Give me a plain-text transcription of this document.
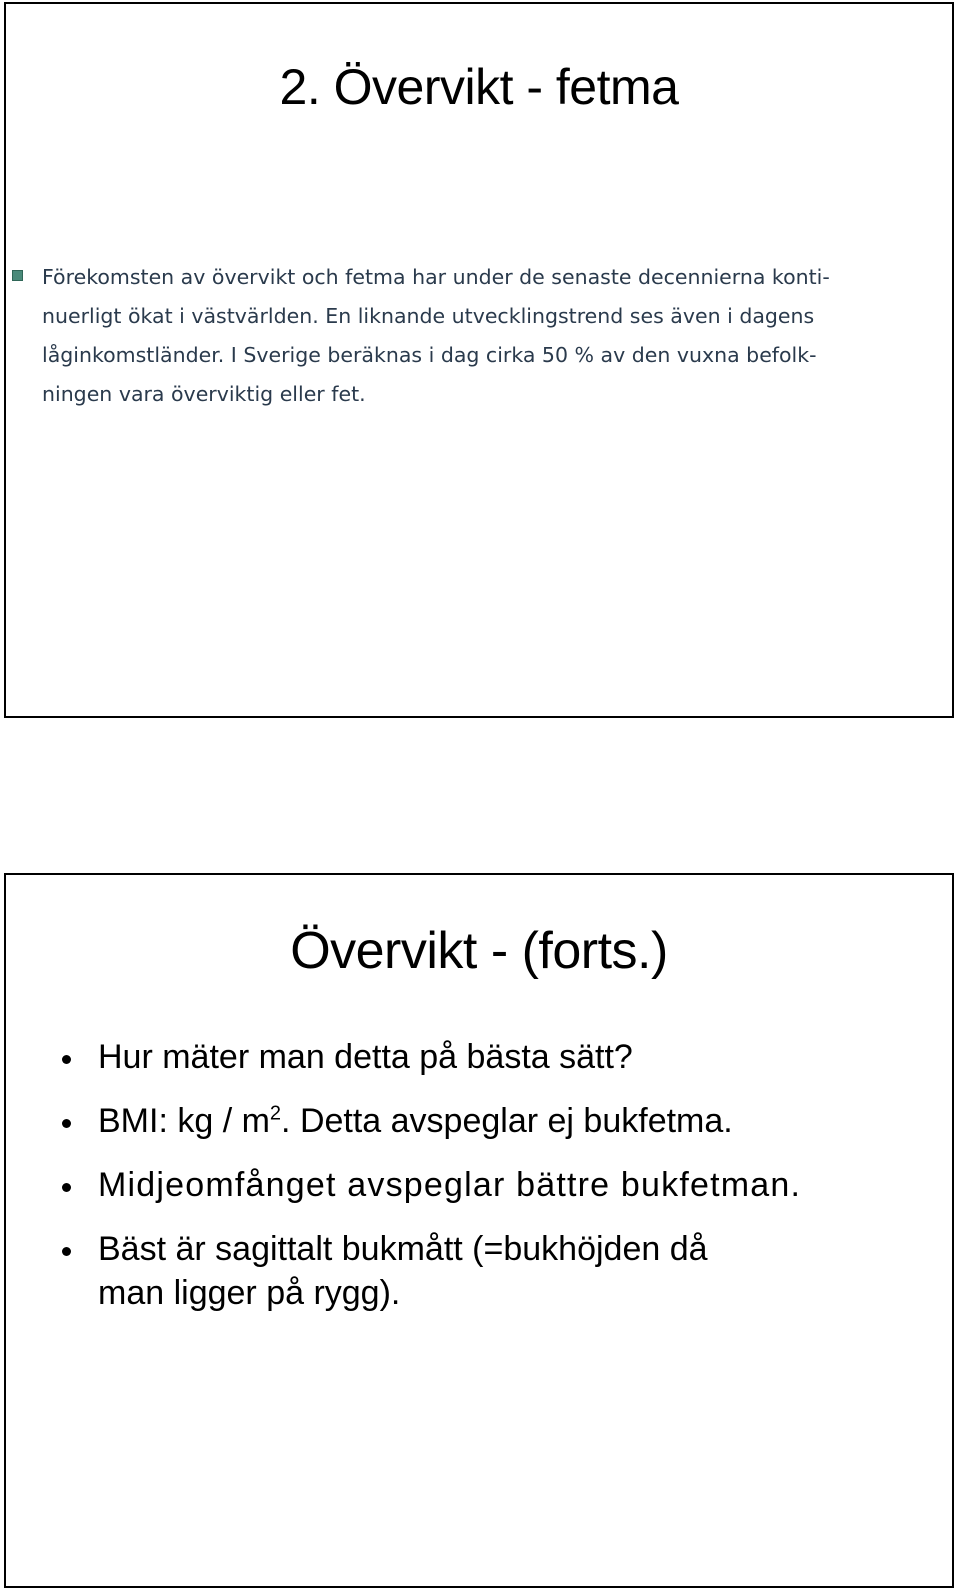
2. Övervikt - fetma

Förekomsten av övervikt och fetma har under de senaste decennierna konti-
nuerligt ökat i västvärlden. En liknande utvecklingstrend ses även i dagens
låginkomstländer. I Sverige beräknas i dag cirka 50 % av den vuxna befolk-
ningen vara överviktig eller fet.

Övervikt - (forts.)
Hur mäter man detta på bästa sätt?
BMI: kg / $m^2$. Detta avspeglar ej bukfetma.
Midjeomfånget avspeglar bättre bukfetman.
Bäst är sagittalt bukmått (=bukhöjden då
man ligger på rygg).
